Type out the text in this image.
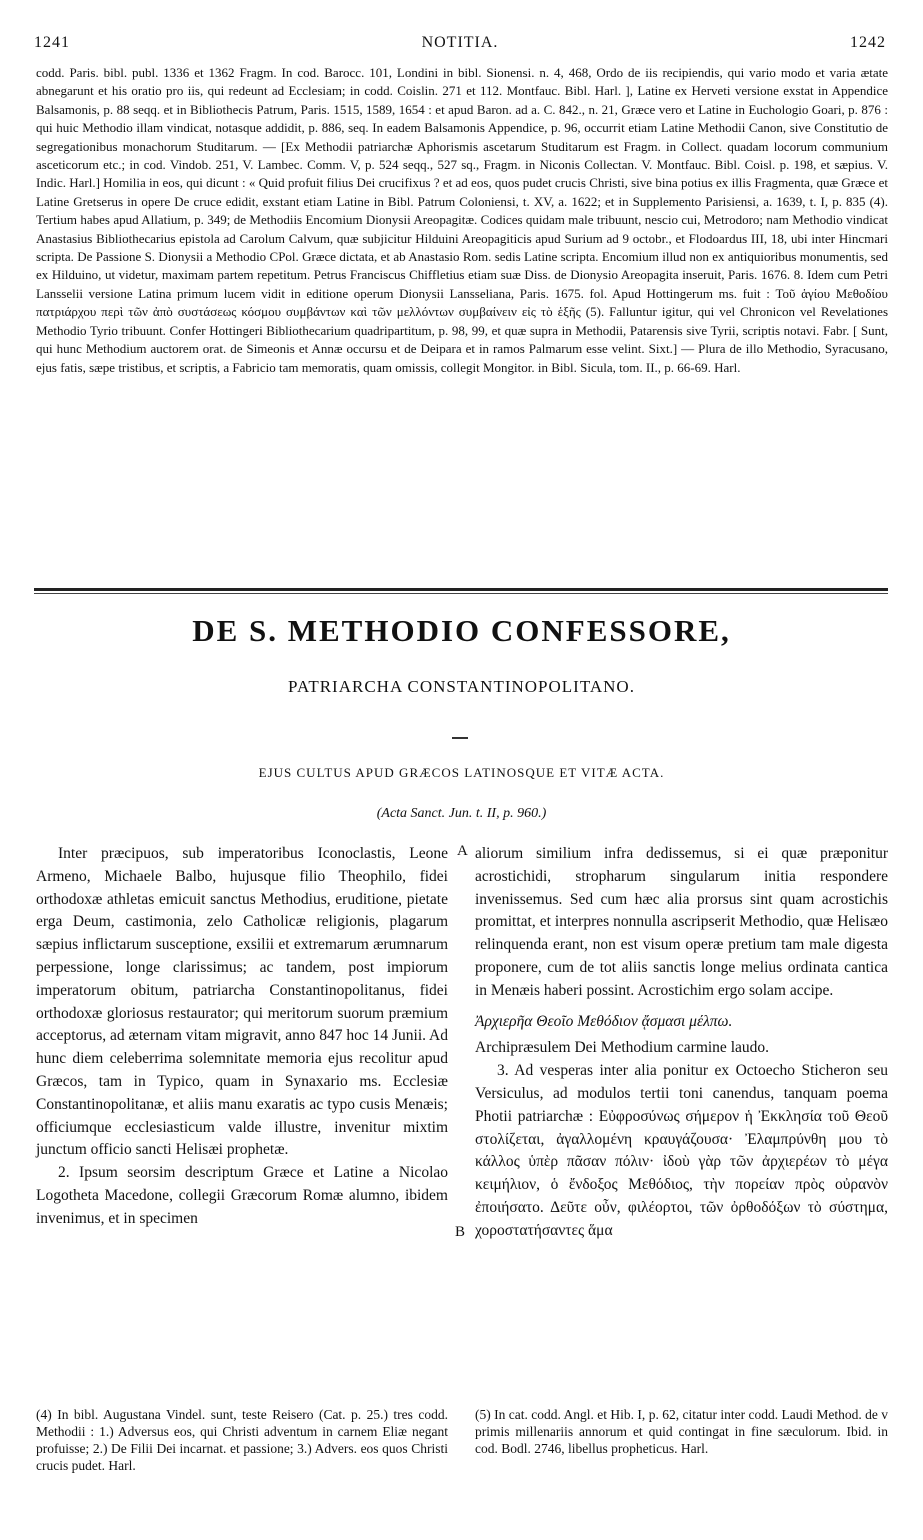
1241	NOTITIA.	1242
codd. Paris. bibl. publ. 1336 et 1362 Fragm. In cod. Barocc. 101, Londini in bibl. Sionensi. n. 4, 468, Ordo de iis recipiendis, qui vario modo et varia ætate abnegarunt et his oratio pro iis, qui redeunt ad Ecclesiam; in codd. Coislin. 271 et 112. Montfauc. Bibl. Harl. ], Latine ex Herveti versione exstat in Appendice Balsamonis, p. 88 seqq. et in Bibliothecis Patrum, Paris. 1515, 1589, 1654 : et apud Baron. ad a. C. 842., n. 21, Græce vero et Latine in Euchologio Goari, p. 876 : qui huic Methodio illam vindicat, notasque addidit, p. 886, seq. In eadem Balsamonis Appendice, p. 96, occurrit etiam Latine Methodii Canon, sive Constitutio de segregationibus monachorum Studitarum. — [Ex Methodii patriarchæ Aphorismis ascetarum Studitarum est Fragm. in Collect. quadam locorum communium asceticorum etc.; in cod. Vindob. 251, V. Lambec. Comm. V, p. 524 seqq., 527 sq., Fragm. in Niconis Collectan. V. Montfauc. Bibl. Coisl. p. 198, et sæpius. V. Indic. Harl.] Homilia in eos, qui dicunt : « Quid profuit filius Dei crucifixus ? et ad eos, quos pudet crucis Christi, sive bina potius ex illis Fragmenta, quæ Græce et Latine Gretserus in opere De cruce edidit, exstant etiam Latine in Bibl. Patrum Coloniensi, t. XV, a. 1622; et in Supplemento Parisiensi, a. 1639, t. I, p. 835 (4). Tertium habes apud Allatium, p. 349; de Methodiis Encomium Dionysii Areopagitæ. Codices quidam male tribuunt, nescio cui, Metrodoro; nam Methodio vindicat Anastasius Bibliothecarius epistola ad Carolum Calvum, quæ subjicitur Hilduini Areopagiticis apud Surium ad 9 octobr., et Flodoardus III, 18, ubi inter Hincmari scripta. De Passione S. Dionysii a Methodio CPol. Græce dictata, et ab Anastasio Rom. sedis Latine scripta. Encomium illud non ex antiquioribus monumentis, sed ex Hilduino, ut videtur, maximam partem repetitum. Petrus Franciscus Chiffletius etiam suæ Diss. de Dionysio Areopagita inseruit, Paris. 1676. 8. Idem cum Petri Lansselii versione Latina primum lucem vidit in editione operum Dionysii Lansseliana, Paris. 1675. fol. Apud Hottingerum ms. fuit : Τοῦ ἁγίου Μεθοδίου πατριάρχου περὶ τῶν ἀπὸ συστάσεως κόσμου συμβάντων καὶ τῶν μελλόντων συμβαίνειν εἰς τὸ ἑξῆς (5). Falluntur igitur, qui vel Chronicon vel Revelationes Methodio Tyrio tribuunt. Confer Hottingeri Bibliothecarium quadripartitum, p. 98, 99, et quæ supra in Methodii, Patarensis sive Tyrii, scriptis notavi. Fabr. [ Sunt, qui hunc Methodium auctorem orat. de Simeonis et Annæ occursu et de Deipara et in ramos Palmarum esse velint. Sixt.] — Plura de illo Methodio, Syracusano, ejus fatis, sæpe tristibus, et scriptis, a Fabricio tam memoratis, quam omissis, collegit Mongitor. in Bibl. Sicula, tom. II., p. 66-69. Harl.
DE S. METHODIO CONFESSORE,
PATRIARCHA CONSTANTINOPOLITANO.
EJUS CULTUS APUD GRÆCOS LATINOSQUE ET VITÆ ACTA.
(Acta Sanct. Jun. t. II, p. 960.)

Inter præcipuos, sub imperatoribus Iconoclastis, Leone Armeno, Michaele Balbo, hujusque filio Theophilo, fidei orthodoxæ athletas emicuit sanctus Methodius, eruditione, pietate erga Deum, castimonia, zelo Catholicæ religionis, plagarum sæpius inflictarum susceptione, exsilii et extremarum ærumnarum perpessione, longe clarissimus; ac tandem, post impiorum imperatorum obitum, patriarcha Constantinopolitanus, fidei orthodoxæ gloriosus restaurator; qui meritorum suorum præmium acceptorus, ad æternam vitam migravit, anno 847 hoc 14 Junii. Ad hunc diem celeberrima solemnitate memoria ejus recolitur apud Græcos, tam in Typico, quam in Synaxario ms. Ecclesiæ Constantinopolitanæ, et aliis manu exaratis ac typo cusis Menæis; officiumque ecclesiasticum valde illustre, invenitur mixtim junctum officio sancti Helisæi prophetæ.

2. Ipsum seorsim descriptum Græce et Latine a Nicolao Logotheta Macedone, collegii Græcorum Romæ alumno, ibidem invenimus, et in specimen

A
B

aliorum similium infra dedissemus, si ei quæ præponitur acrostichidi, stropharum singularum initia respondere invenissemus. Sed cum hæc alia prorsus sint quam acrostichis promittat, et interpres nonnulla ascripserit Methodio, quæ Helisæo relinquenda erant, non est visum operæ pretium tam male digesta proponere, cum de tot aliis sanctis longe melius ordinata cantica in Menæis haberi possint. Acrostichim ergo solam accipe.

Ἀρχιερῆα Θεοῖο Μεθόδιον ᾄσμασι μέλπω.

Archipræsulem Dei Methodium carmine laudo.

3. Ad vesperas inter alia ponitur ex Octoecho Sticheron seu Versiculus, ad modulos tertii toni canendus, tanquam poema Photii patriarchæ : Εὐφροσύνως σήμερον ἡ Ἐκκλησία τοῦ Θεοῦ στολίζεται, ἀγαλλομένη κραυγάζουσα· Ἐλαμπρύνθη μου τὸ κάλλος ὑπὲρ πᾶσαν πόλιν· ἰδοὺ γὰρ τῶν ἀρχιερέων τὸ μέγα κειμήλιον, ὁ ἔνδοξος Μεθόδιος, τὴν πορείαν πρὸς οὐρανὸν ἐποιήσατο. Δεῦτε οὖν, φιλέορτοι, τῶν ὀρθοδόξων τὸ σύστημα, χοροστατήσαντες ἅμα

(4) In bibl. Augustana Vindel. sunt, teste Reisero (Cat. p. 25.) tres codd. Methodii : 1.) Adversus eos, qui Christi adventum in carnem Eliæ negant profuisse; 2.) De Filii Dei incarnat. et passione; 3.) Advers. eos quos Christi crucis pudet. Harl.
(5) In cat. codd. Angl. et Hib. I, p. 62, citatur inter codd. Laudi Method. de v primis millenariis annorum et quid contingat in fine sæculorum. Ibid. in cod. Bodl. 2746, libellus propheticus. Harl.
